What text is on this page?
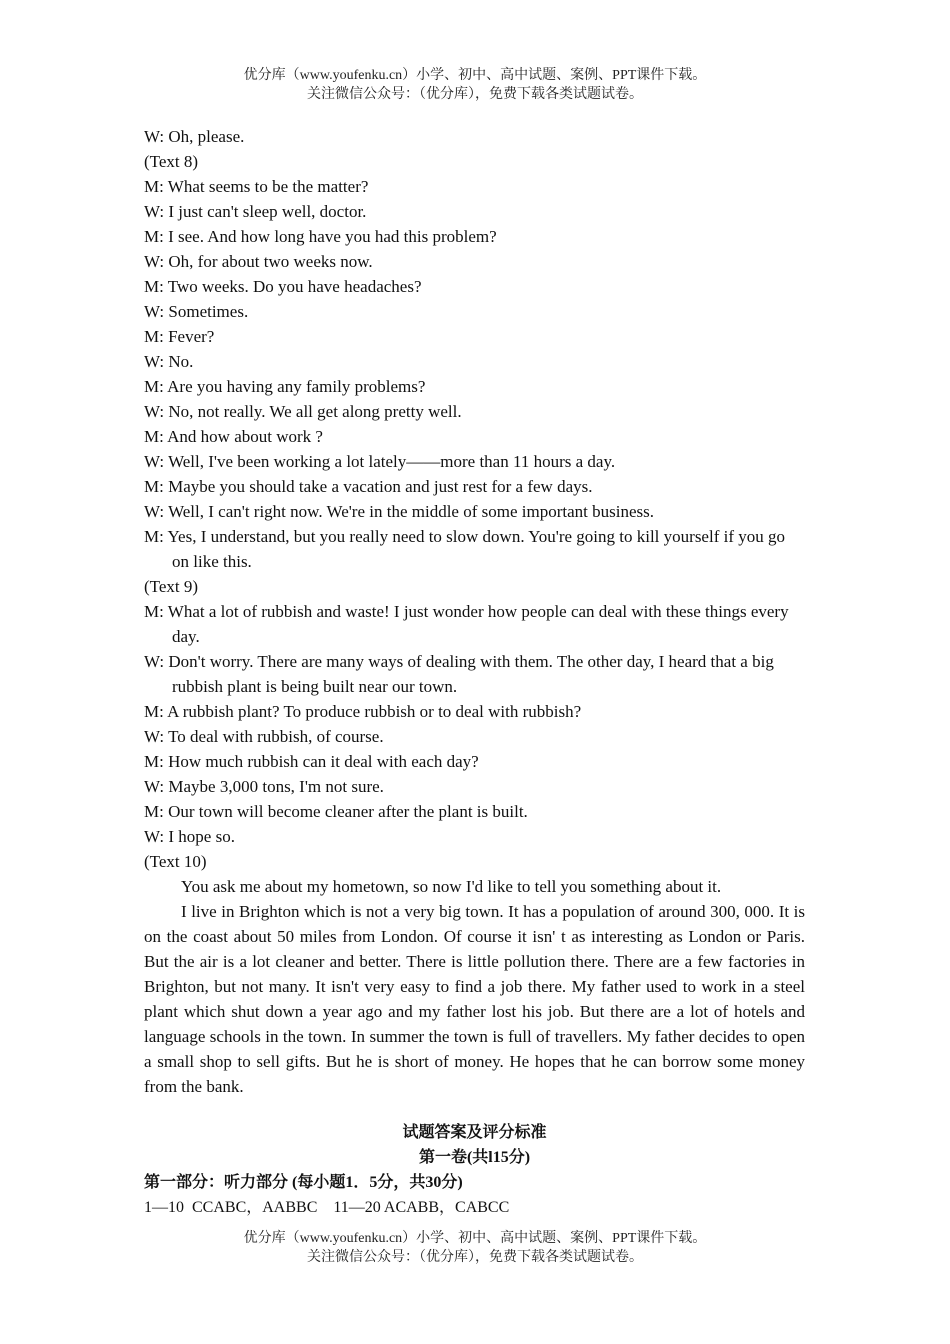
优分库（www.youfenku.cn）小学、初中、高中试题、案例、PPT课件下载。
关注微信公众号：（优分库），免费下载各类试题试卷。
W: Oh, please.
(Text 8)
M: What seems to be the matter?
W: I just can't sleep well, doctor.
M: I see. And how long have you had this problem?
W: Oh, for about two weeks now.
M: Two weeks. Do you have headaches?
W: Sometimes.
M: Fever?
W: No.
M: Are you having any family problems?
W: No, not really. We all get along pretty well.
M: And how about work ?
W: Well, I've been working a lot lately——more than 11 hours a day.
M: Maybe you should take a vacation and just rest for a few days.
W: Well, I can't right now. We're in the middle of some important business.
M: Yes, I understand, but you really need to slow down. You're going to kill yourself if you go on like this.
(Text 9)
M: What a lot of rubbish and waste! I just wonder how people can deal with these things every day.
W: Don't worry. There are many ways of dealing with them. The other day, I heard that a big rubbish plant is being built near our town.
M: A rubbish plant? To produce rubbish or to deal with rubbish?
W: To deal with rubbish, of course.
M: How much rubbish can it deal with each day?
W: Maybe 3,000 tons, I'm not sure.
M: Our town will become cleaner after the plant is built.
W: I hope so.
(Text 10)
You ask me about my hometown, so now I'd like to tell you something about it.
I live in Brighton which is not a very big town. It has a population of around 300, 000. It is on the coast about 50 miles from London. Of course it isn' t as interesting as London or Paris. But the air is a lot cleaner and better. There is little pollution there. There are a few factories in Brighton, but not many. It isn't very easy to find a job there. My father used to work in a steel plant which shut down a year ago and my father lost his job. But there are a lot of hotels and language schools in the town. In summer the town is full of travellers. My father decides to open a small shop to sell gifts. But he is short of money. He hopes that he can borrow some money from the bank.
试题答案及评分标准
第一卷(共l15分)
第一部分：听力部分 (每小题1．5分，共30分)
1—10  CCABC，AABBC    11—20 ACABB，CABCC
优分库（www.youfenku.cn）小学、初中、高中试题、案例、PPT课件下载。
关注微信公众号：（优分库），免费下载各类试题试卷。
